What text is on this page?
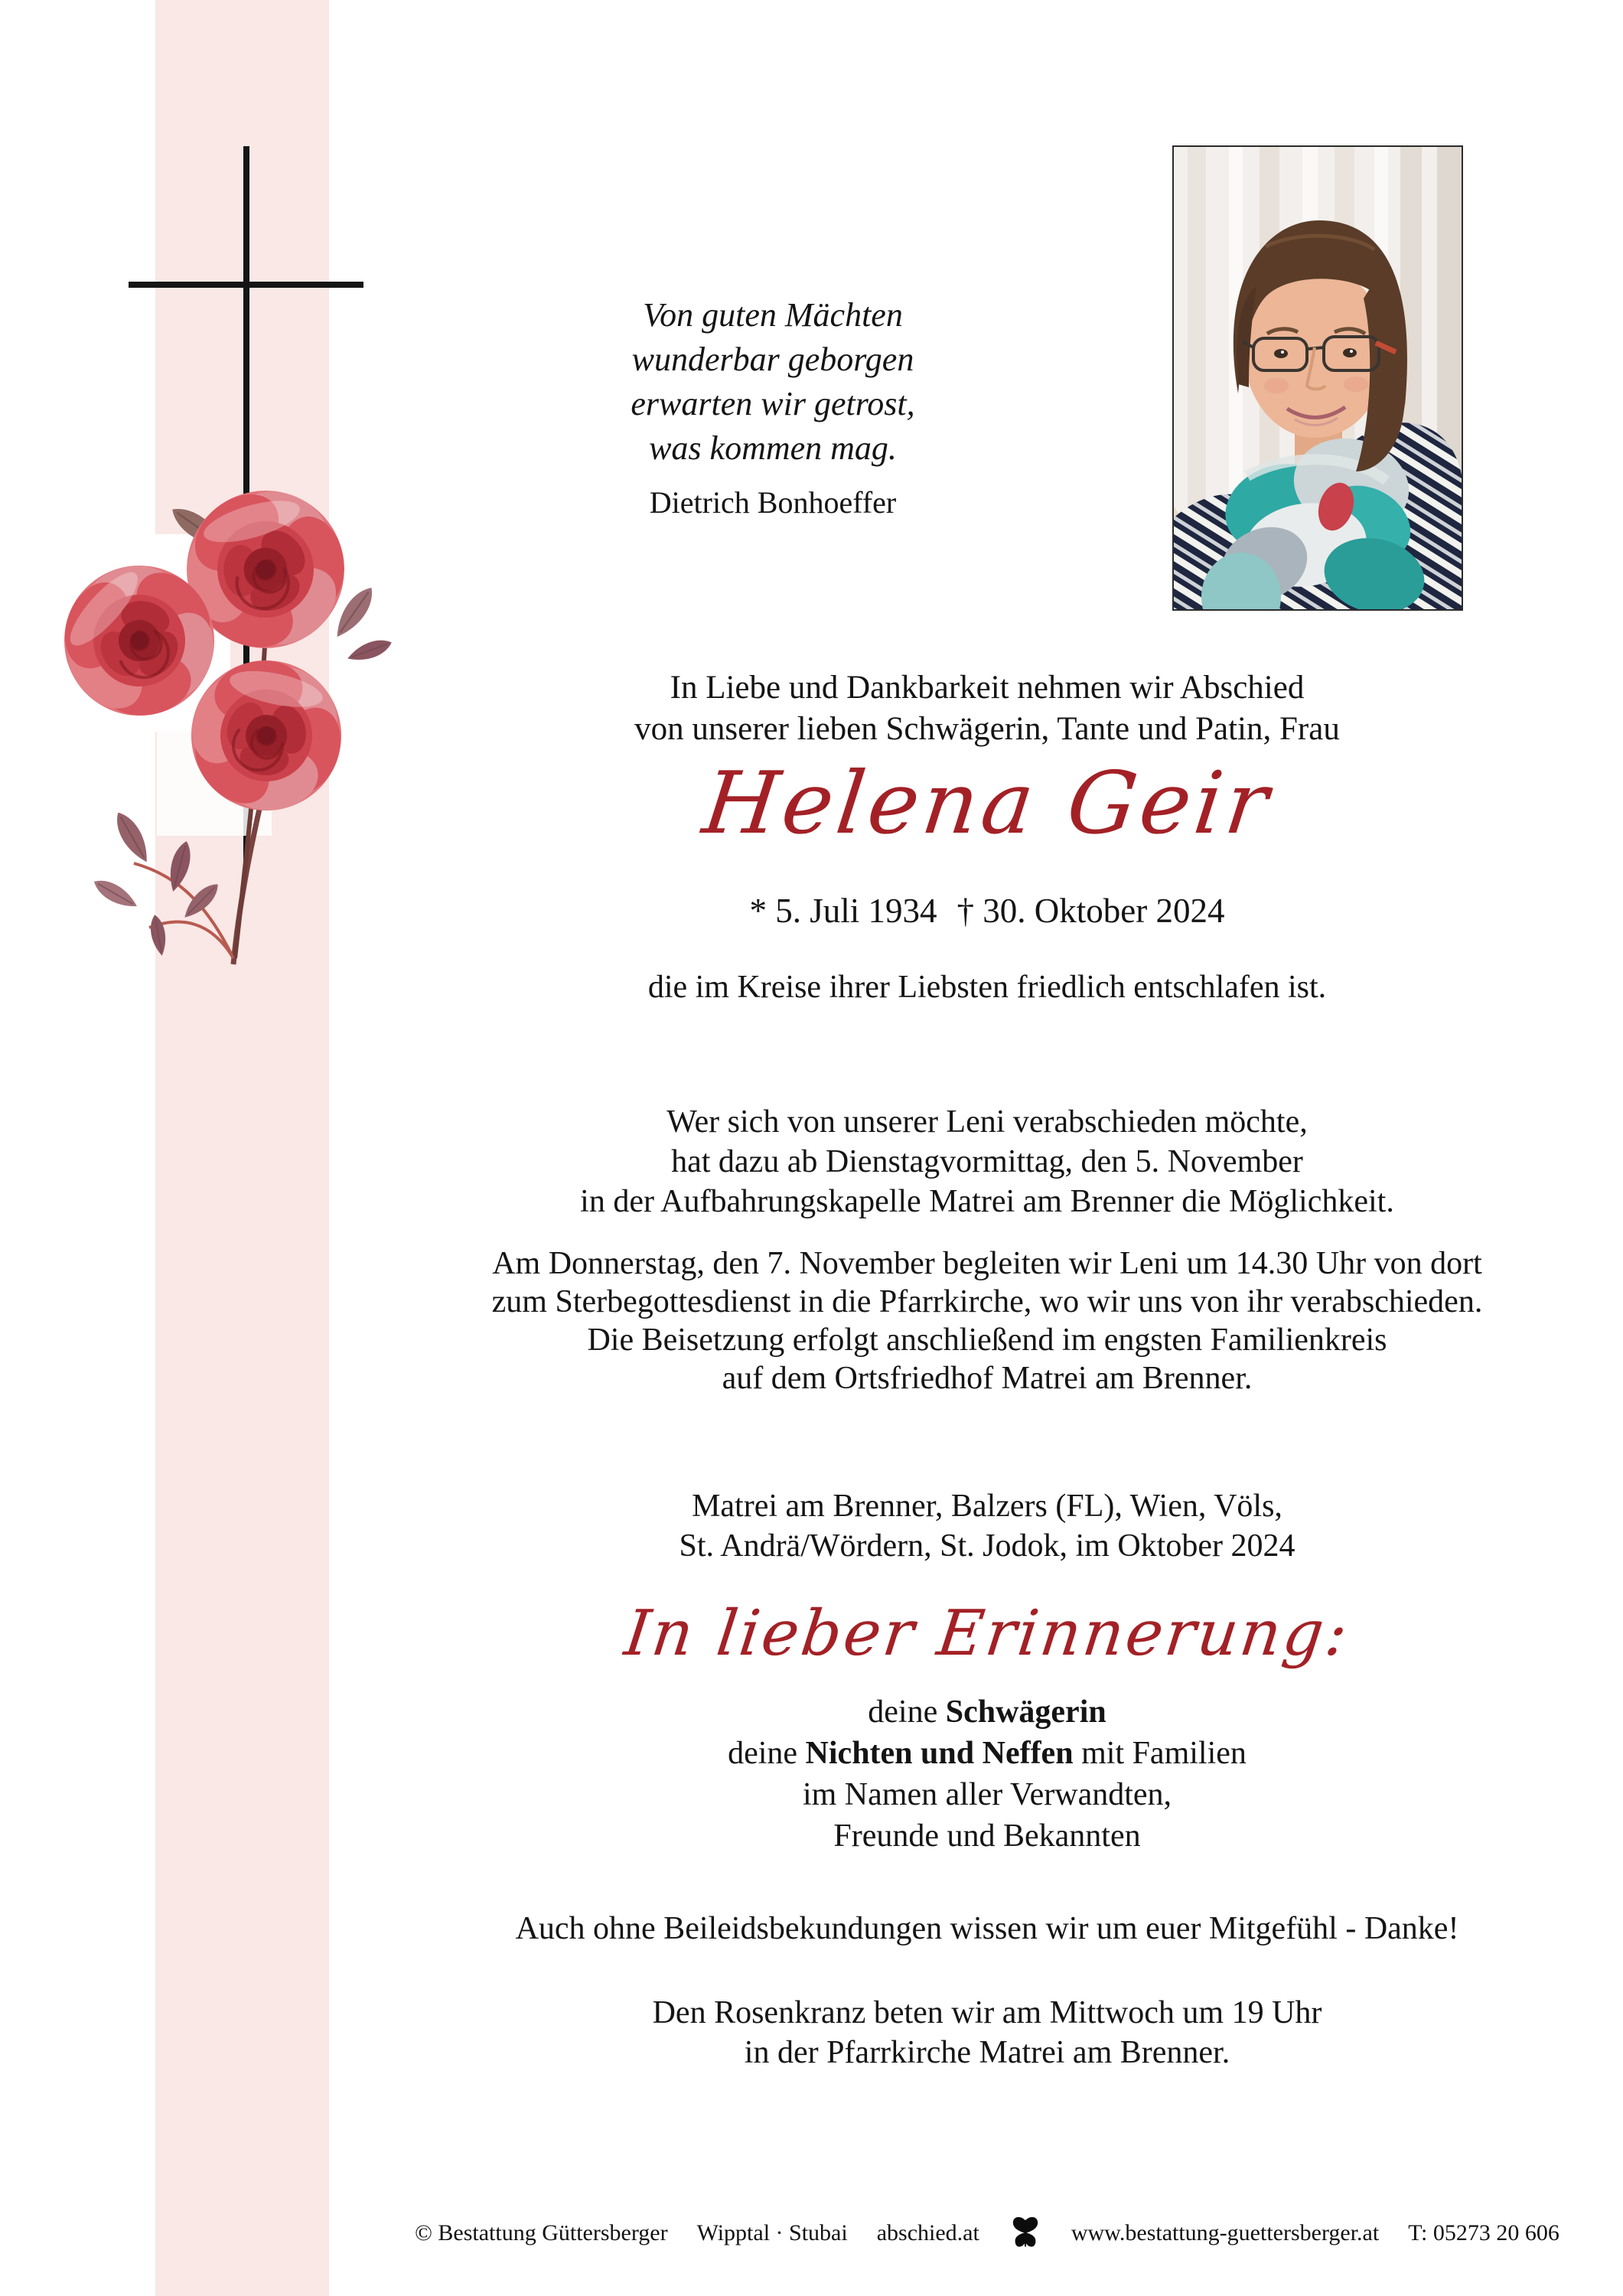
Von guten Mächten
wunderbar geborgen
erwarten wir getrost,
was kommen mag.
Dietrich Bonhoeffer
In Liebe und Dankbarkeit nehmen wir Abschied
von unserer lieben Schwägerin, Tante und Patin, Frau
Helena Geir
* 5. Juli 1934 † 30. Oktober 2024
die im Kreise ihrer Liebsten friedlich entschlafen ist.
Wer sich von unserer Leni verabschieden möchte,
hat dazu ab Dienstagvormittag, den 5. November
in der Aufbahrungskapelle Matrei am Brenner die Möglichkeit.
Am Donnerstag, den 7. November begleiten wir Leni um 14.30 Uhr von dort
zum Sterbegottesdienst in die Pfarrkirche, wo wir uns von ihr verabschieden.
Die Beisetzung erfolgt anschließend im engsten Familienkreis
auf dem Ortsfriedhof Matrei am Brenner.
Matrei am Brenner, Balzers (FL), Wien, Völs,
St. Andrä/Wördern, St. Jodok, im Oktober 2024
In lieber Erinnerung:
deine Schwägerin
deine Nichten und Neffen mit Familien
im Namen aller Verwandten,
Freunde und Bekannten
Auch ohne Beileidsbekundungen wissen wir um euer Mitgefühl - Danke!
Den Rosenkranz beten wir am Mittwoch um 19 Uhr
in der Pfarrkirche Matrei am Brenner.
© Bestattung Güttersberger Wipptal · Stubai abschied.at	www.bestattung-guettersberger.at T: 05273 20 606
